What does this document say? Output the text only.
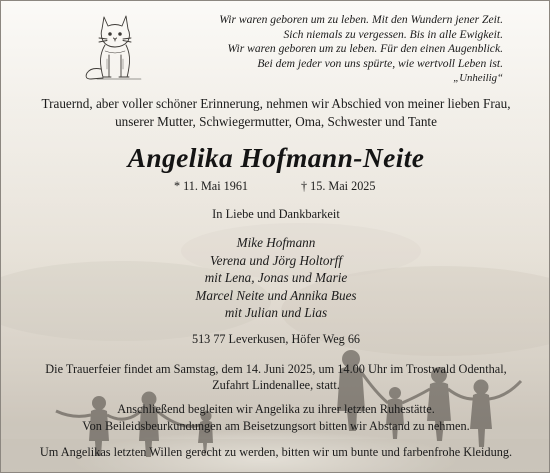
Wir waren geboren um zu leben. Mit den Wundern jener Zeit.
Sich niemals zu vergessen. Bis in alle Ewigkeit.
Wir waren geboren um zu leben. Für den einen Augenblick.
Bei dem jeder von uns spürte, wie wertvoll Leben ist.
„Unheilig“
Trauernd, aber voller schöner Erinnerung, nehmen wir Abschied von meiner lieben Frau,
unserer Mutter, Schwiegermutter, Oma, Schwester und Tante
Angelika Hofmann-Neite
* 11. Mai 1961	† 15. Mai 2025
In Liebe und Dankbarkeit
Mike Hofmann
Verena und Jörg Holtorff
mit Lena, Jonas und Marie
Marcel Neite und Annika Bues
mit Julian und Lias
513 77 Leverkusen, Höfer Weg 66
Die Trauerfeier findet am Samstag, dem 14. Juni 2025, um 14.00 Uhr im Trostwald Odenthal,
Zufahrt Lindenallee, statt.
Anschließend begleiten wir Angelika zu ihrer letzten Ruhestätte.
Von Beileidsbeurkundungen am Beisetzungsort bitten wir Abstand zu nehmen.
Um Angelikas letzten Willen gerecht zu werden, bitten wir um bunte und farbenfrohe Kleidung.
